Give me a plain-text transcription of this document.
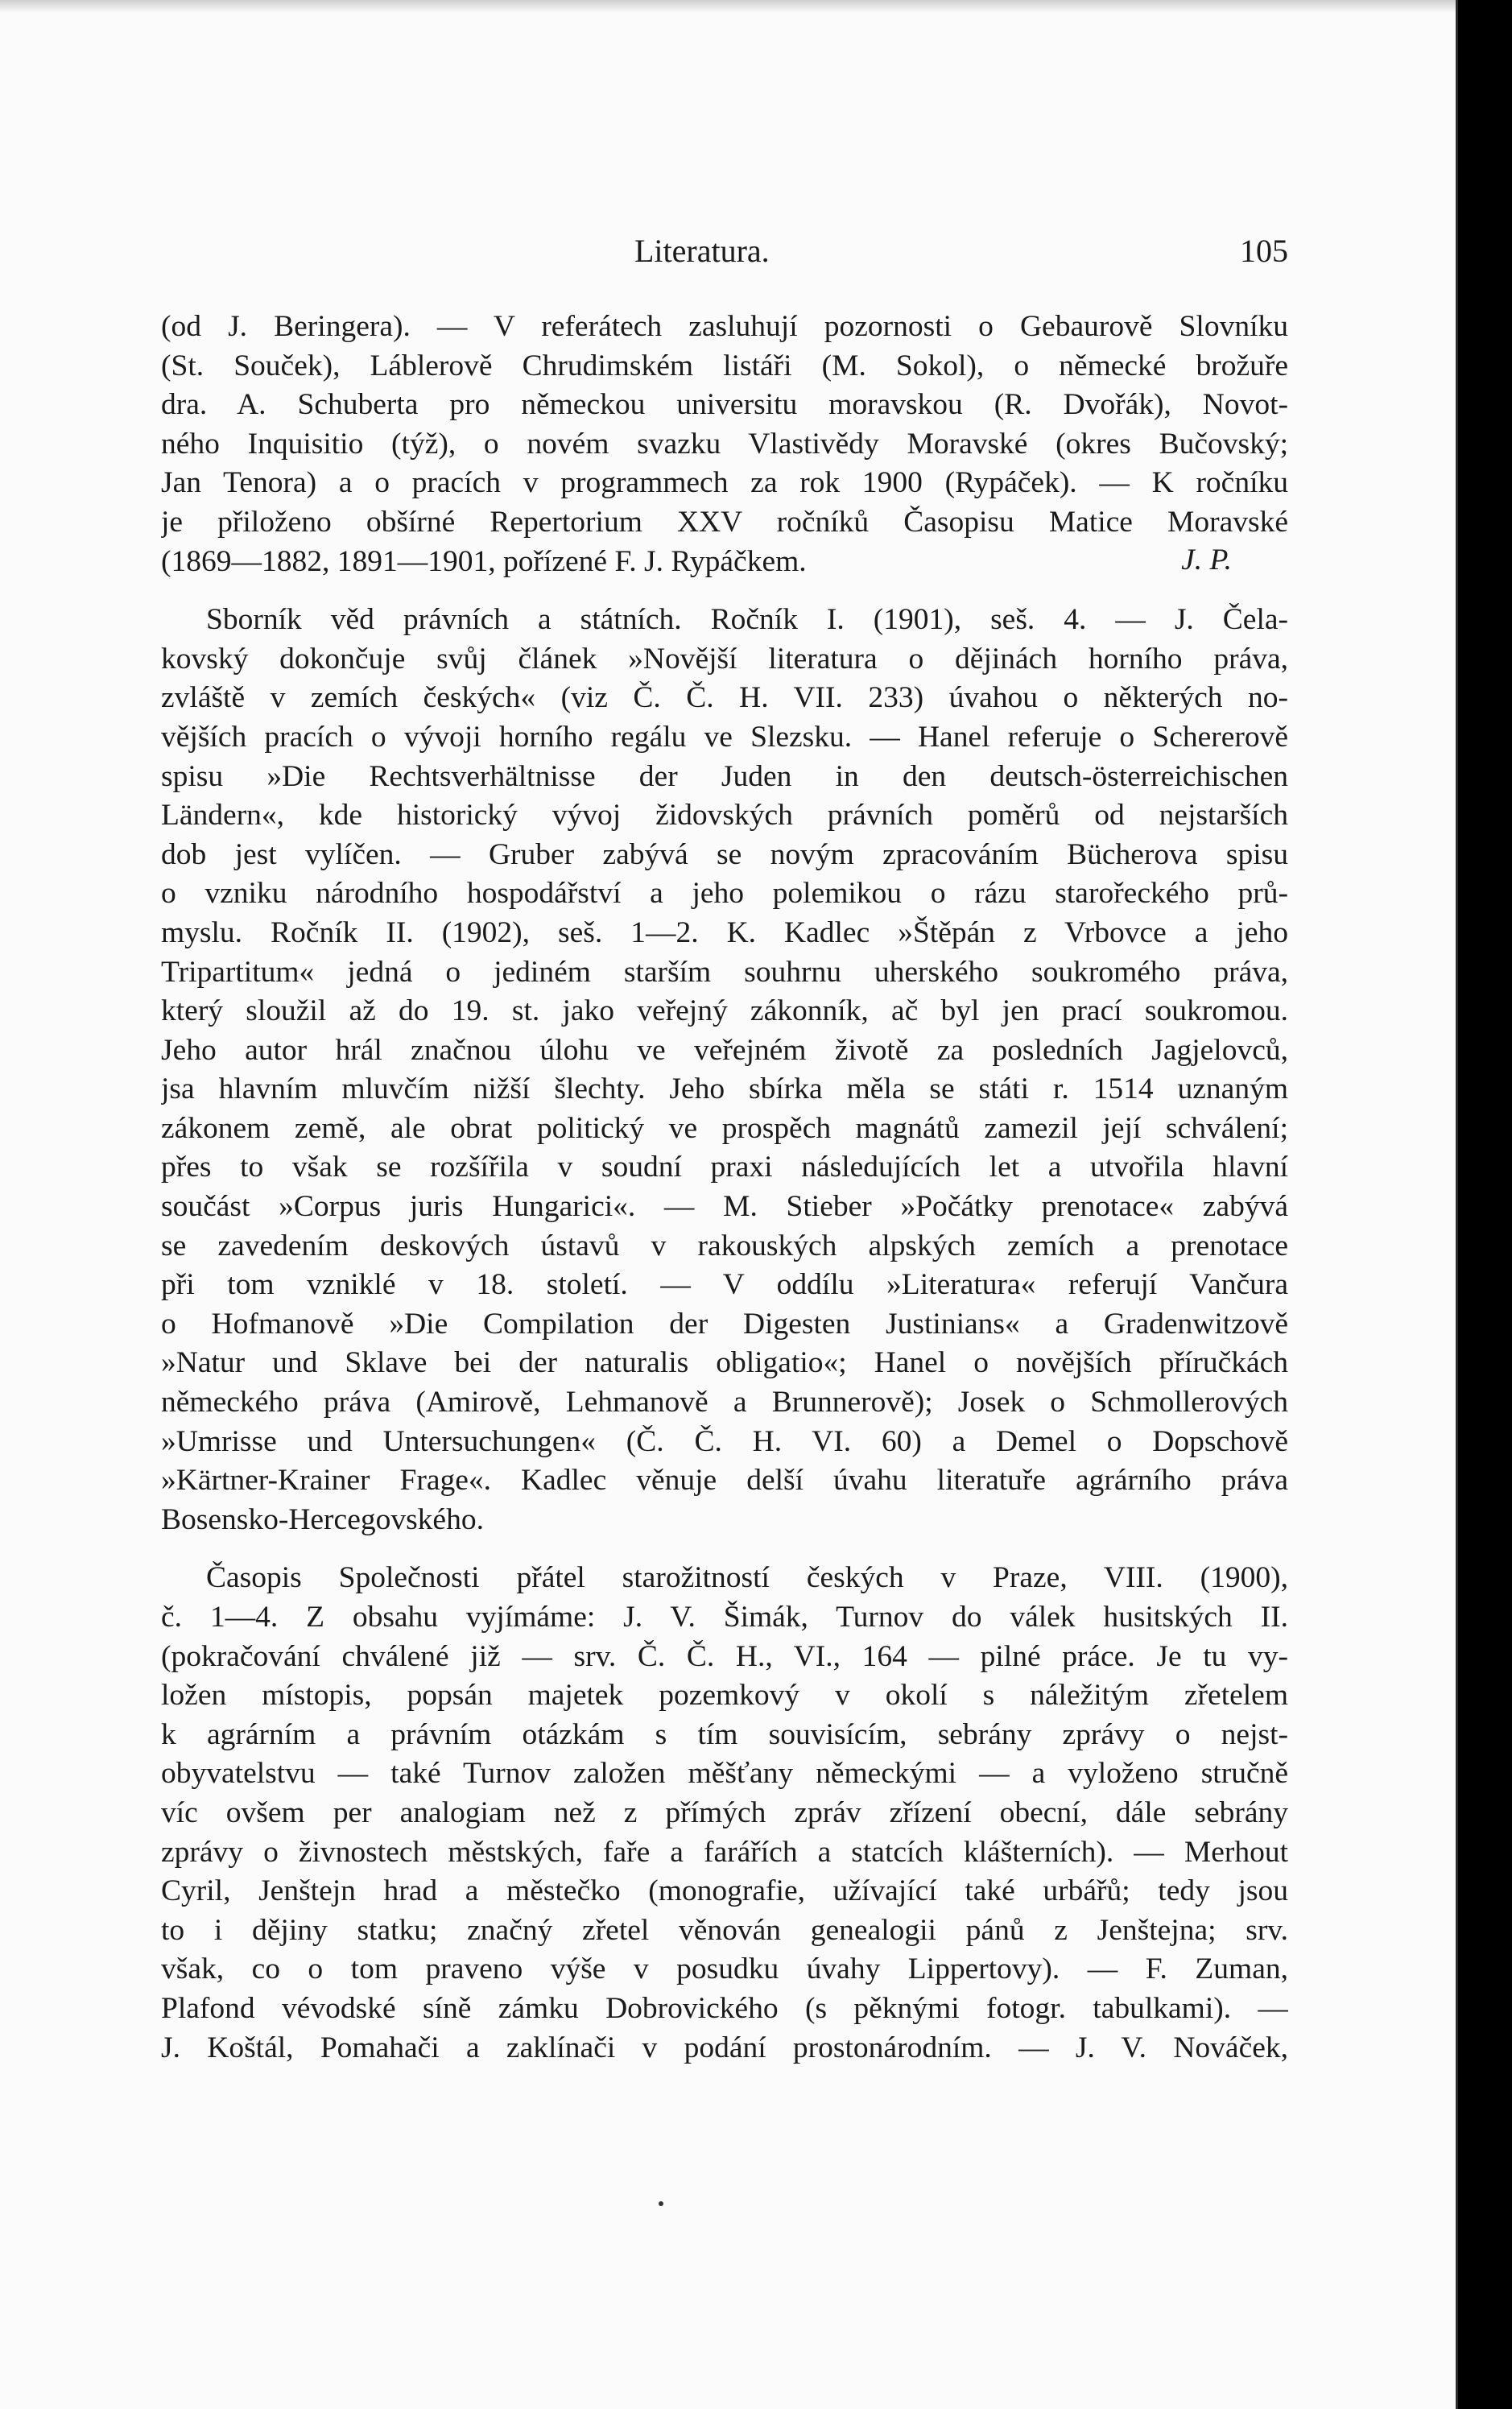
Literatura.	105
(od J. Beringera). — V referátech zasluhují pozornosti o Gebaurově Slovníku
(St. Souček), Láblerově Chrudimském listáři (M. Sokol), o německé brožuře
dra. A. Schuberta pro německou universitu moravskou (R. Dvořák), Novot-
ného Inquisitio (týž), o novém svazku Vlastivědy Moravské (okres Bučovský;
Jan Tenora) a o pracích v programmech za rok 1900 (Rypáček). — K ročníku
je přiloženo obšírné Repertorium XXV ročníků Časopisu Matice Moravské
(1869—1882, 1891—1901, pořízené F. J. Rypáčkem.	J. P.
Sborník věd právních a státních. Ročník I. (1901), seš. 4. — J. Čela-
kovský dokončuje svůj článek »Novější literatura o dějinách horního práva,
zvláště v zemích českých« (viz Č. Č. H. VII. 233) úvahou o některých no-
vějších pracích o vývoji horního regálu ve Slezsku. — Hanel referuje o Schererově
spisu »Die Rechtsverhältnisse der Juden in den deutsch-österreichischen
Ländern«, kde historický vývoj židovských právních poměrů od nejstarších
dob jest vylíčen. — Gruber zabývá se novým zpracováním Bücherova spisu
o vzniku národního hospodářství a jeho polemikou o rázu starořeckého prů-
myslu. Ročník II. (1902), seš. 1—2. K. Kadlec »Štěpán z Vrbovce a jeho
Tripartitum« jedná o jediném starším souhrnu uherského soukromého práva,
který sloužil až do 19. st. jako veřejný zákonník, ač byl jen prací soukromou.
Jeho autor hrál značnou úlohu ve veřejném životě za posledních Jagjelovců,
jsa hlavním mluvčím nižší šlechty. Jeho sbírka měla se státi r. 1514 uznaným
zákonem země, ale obrat politický ve prospěch magnátů zamezil její schválení;
přes to však se rozšířila v soudní praxi následujících let a utvořila hlavní
součást »Corpus juris Hungarici«. — M. Stieber »Počátky prenotace« zabývá
se zavedením deskových ústavů v rakouských alpských zemích a prenotace
při tom vzniklé v 18. století. — V oddílu »Literatura« referují Vančura
o Hofmanově »Die Compilation der Digesten Justinians« a Gradenwitzově
»Natur und Sklave bei der naturalis obligatio«; Hanel o novějších příručkách
německého práva (Amirově, Lehmanově a Brunnerově); Josek o Schmollerových
»Umrisse und Untersuchungen« (Č. Č. H. VI. 60) a Demel o Dopschově
»Kärtner-Krainer Frage«. Kadlec věnuje delší úvahu literatuře agrárního práva
Bosensko-Hercegovského.
Časopis Společnosti přátel starožitností českých v Praze, VIII. (1900),
č. 1—4. Z obsahu vyjímáme: J. V. Šimák, Turnov do válek husitských II.
(pokračování chválené již — srv. Č. Č. H., VI., 164 — pilné práce. Je tu vy-
ložen místopis, popsán majetek pozemkový v okolí s náležitým zřetelem
k agrárním a právním otázkám s tím souvisícím, sebrány zprávy o nejst-
obyvatelstvu — také Turnov založen měšťany německými — a vyloženo stručně
víc ovšem per analogiam než z přímých zpráv zřízení obecní, dále sebrány
zprávy o živnostech městských, faře a farářích a statcích klášterních). — Merhout
Cyril, Jenštejn hrad a městečko (monografie, užívající také urbářů; tedy jsou
to i dějiny statku; značný zřetel věnován genealogii pánů z Jenštejna; srv.
však, co o tom praveno výše v posudku úvahy Lippertovy). — F. Zuman,
Plafond vévodské síně zámku Dobrovického (s pěknými fotogr. tabulkami). —
J. Koštál, Pomahači a zaklínači v podání prostonárodním. — J. V. Nováček,
